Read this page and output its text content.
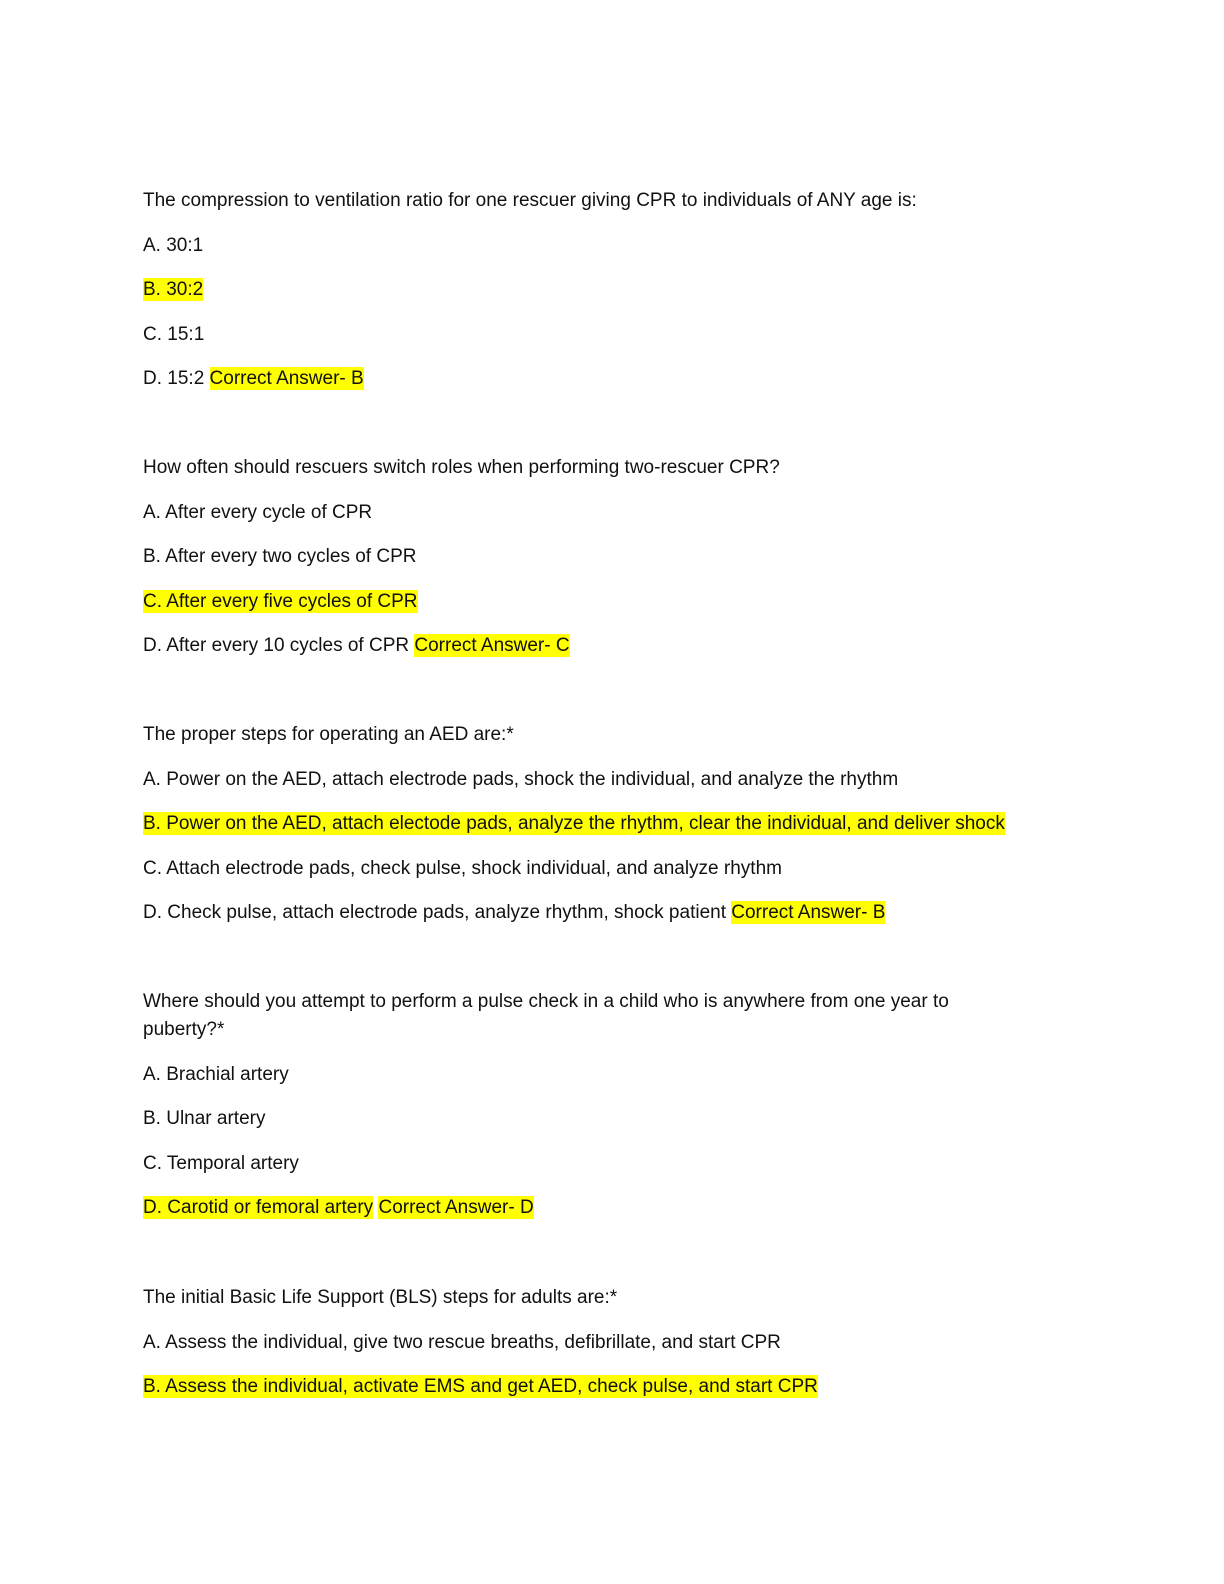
The compression to ventilation ratio for one rescuer giving CPR to individuals of ANY age is:

A. 30:1

B. 30:2

C. 15:1

D. 15:2 Correct Answer- B

How often should rescuers switch roles when performing two-rescuer CPR?

A. After every cycle of CPR

B. After every two cycles of CPR

C. After every five cycles of CPR

D. After every 10 cycles of CPR Correct Answer- C

The proper steps for operating an AED are:*

A. Power on the AED, attach electrode pads, shock the individual, and analyze the rhythm

B. Power on the AED, attach electode pads, analyze the rhythm, clear the individual, and deliver shock

C. Attach electrode pads, check pulse, shock individual, and analyze rhythm

D. Check pulse, attach electrode pads, analyze rhythm, shock patient Correct Answer- B

Where should you attempt to perform a pulse check in a child who is anywhere from one year to puberty?*

A. Brachial artery

B. Ulnar artery

C. Temporal artery

D. Carotid or femoral artery Correct Answer- D

The initial Basic Life Support (BLS) steps for adults are:*

A. Assess the individual, give two rescue breaths, defibrillate, and start CPR

B. Assess the individual, activate EMS and get AED, check pulse, and start CPR
